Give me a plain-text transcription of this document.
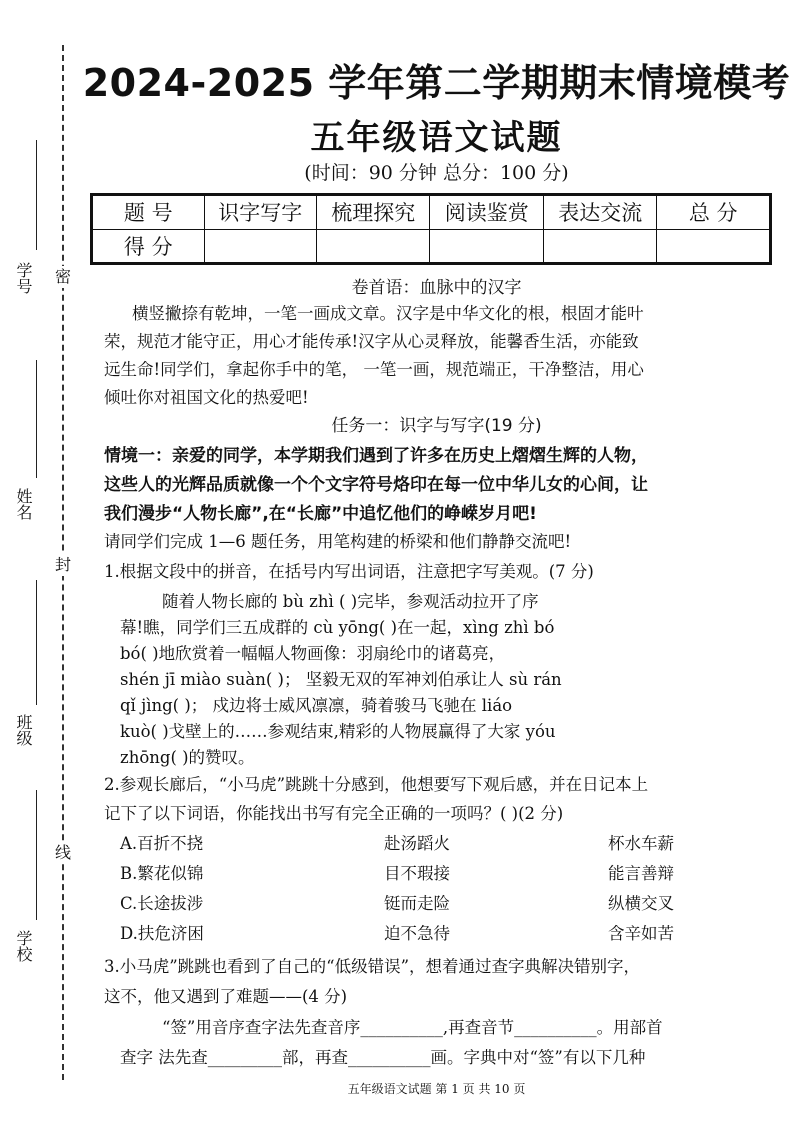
密
封
线
学号
姓名
班级
学校
2024-2025 学年第二学期期末情境模考
五年级语文试题
(时间：90 分钟 总分：100 分)
题 号	识字写字	梳理探究	阅读鉴赏	表达交流	总 分
得 分					
卷首语：血脉中的汉字
横竖撇捺有乾坤，一笔一画成文章。汉字是中华文化的根，根固才能叶
荣，规范才能守正，用心才能传承!汉字从心灵释放，能馨香生活，亦能致
远生命!同学们，拿起你手中的笔， 一笔一画，规范端正，干净整洁，用心
倾吐你对祖国文化的热爱吧!
任务一：识字与写字(19 分)
情境一：亲爱的同学，本学期我们遇到了许多在历史上熠熠生辉的人物，
这些人的光辉品质就像一个个文字符号烙印在每一位中华儿女的心间，让
我们漫步“人物长廊”,在“长廊”中追忆他们的峥嵘岁月吧!
请同学们完成 1—6 题任务，用笔构建的桥梁和他们静静交流吧!
1.根据文段中的拼音，在括号内写出词语，注意把字写美观。(7 分)
随着人物长廊的 bù zhì ( )完毕，参观活动拉开了序
幕!瞧，同学们三五成群的 cù yōng( )在一起，xìng zhì bó
bó( )地欣赏着一幅幅人物画像：羽扇纶巾的诸葛亮，
shén jī miào suàn( )； 坚毅无双的军神刘伯承让人 sù rán
qǐ jìng( )； 戍边将士威风凛凛，骑着骏马飞驰在 liáo
kuò( )戈壁上的……参观结束,精彩的人物展赢得了大家 yóu
zhōng( )的赞叹。
2.参观长廊后，“小马虎”跳跳十分感到，他想要写下观后感，并在日记本上
记下了以下词语，你能找出书写有完全正确的一项吗？( )(2 分)
A.百折不挠	赴汤蹈火	杯水车薪
B.繁花似锦	目不瑕接	能言善辩
C.长途拔涉	铤而走险	纵横交叉
D.扶危济困	迫不急待	含辛如苦
3.小马虎”跳跳也看到了自己的“低级错误”，想着通过查字典解决错别字，
这不，他又遇到了难题——(4 分)
“签”用音序查字法先查音序__________,再查音节__________。用部首
查字 法先查_________部，再查__________画。字典中对“签”有以下几种
五年级语文试题 第 1 页 共 10 页
